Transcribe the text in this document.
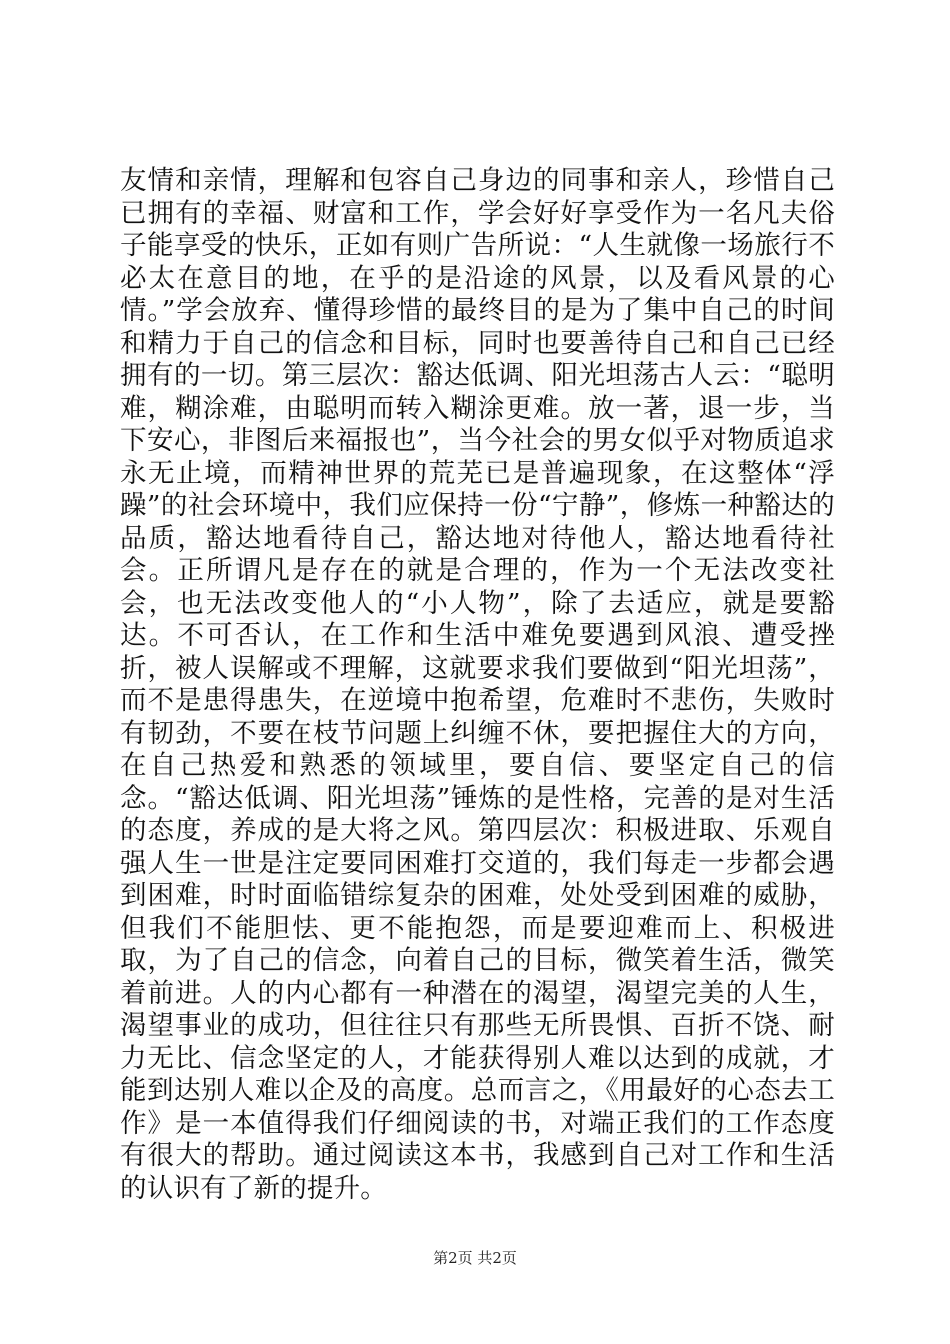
友情和亲情，理解和包容自己身边的同事和亲人，珍惜自己已拥有的幸福、财富和工作，学会好好享受作为一名凡夫俗子能享受的快乐，正如有则广告所说：“人生就像一场旅行不必太在意目的地，在乎的是沿途的风景，以及看风景的心情。”学会放弃、懂得珍惜的最终目的是为了集中自己的时间和精力于自己的信念和目标，同时也要善待自己和自己已经拥有的一切。第三层次：豁达低调、阳光坦荡古人云：“聪明难，糊涂难，由聪明而转入糊涂更难。放一著，退一步，当下安心，非图后来福报也”，当今社会的男女似乎对物质追求永无止境，而精神世界的荒芜已是普遍现象，在这整体“浮躁”的社会环境中，我们应保持一份“宁静”，修炼一种豁达的品质，豁达地看待自己，豁达地对待他人，豁达地看待社会。正所谓凡是存在的就是合理的，作为一个无法改变社会，也无法改变他人的“小人物”，除了去适应，就是要豁达。不可否认，在工作和生活中难免要遇到风浪、遭受挫折，被人误解或不理解，这就要求我们要做到“阳光坦荡”，而不是患得患失，在逆境中抱希望，危难时不悲伤，失败时有韧劲，不要在枝节问题上纠缠不休，要把握住大的方向，在自己热爱和熟悉的领域里，要自信、要坚定自己的信念。“豁达低调、阳光坦荡”锤炼的是性格，完善的是对生活的态度，养成的是大将之风。第四层次：积极进取、乐观自强人生一世是注定要同困难打交道的，我们每走一步都会遇到困难，时时面临错综复杂的困难，处处受到困难的威胁，但我们不能胆怯、更不能抱怨，而是要迎难而上、积极进取，为了自己的信念，向着自己的目标，微笑着生活，微笑着前进。人的内心都有一种潜在的渴望，渴望完美的人生，渴望事业的成功，但往往只有那些无所畏惧、百折不饶、耐力无比、信念坚定的人，才能获得别人难以达到的成就，才能到达别人难以企及的高度。总而言之，《用最好的心态去工作》是一本值得我们仔细阅读的书，对端正我们的工作态度有很大的帮助。通过阅读这本书，我感到自己对工作和生活的认识有了新的提升。

第2页 共2页
